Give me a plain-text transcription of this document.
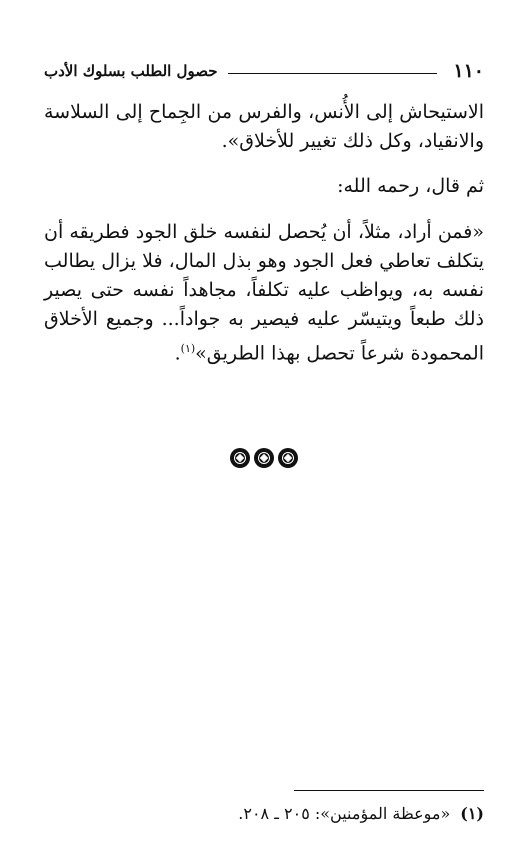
١١٠
حصول الطلب بسلوك الأدب

الاستيحاش إلى الأُنس، والفرس من الجِماح إلى السلاسة والانقياد، وكل ذلك تغيير للأخلاق».

ثم قال، رحمه الله:

«فمن أراد، مثلاً، أن يُحصل لنفسه خلق الجود فطريقه أن يتكلف تعاطي فعل الجود وهو بذل المال، فلا يزال يطالب نفسه به، ويواظب عليه تكلفاً، مجاهداً نفسه حتى يصير ذلك طبعاً ويتيسّر عليه فيصير به جواداً... وجميع الأخلاق المحمودة شرعاً تحصل بهذا الطريق»$^{(١)}$.

(١)«موعظة المؤمنين»: ٢٠٥ ـ ٢٠٨.
